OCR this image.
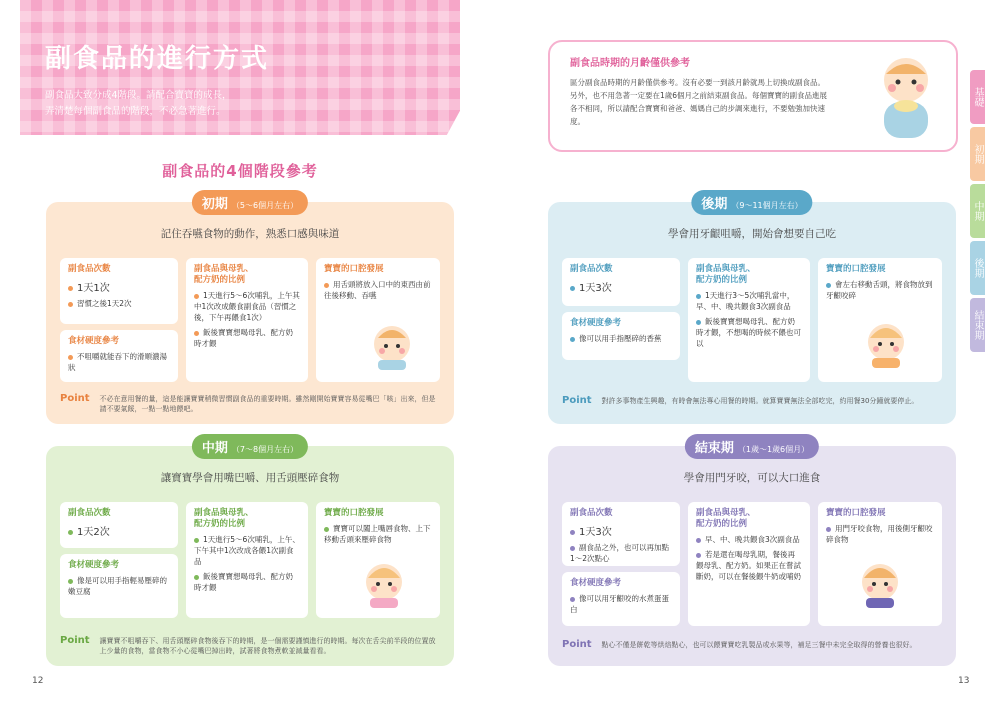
副食品的進行方式
副食品大致分成4階段。請配合寶寶的成長，
弄清楚每個副食品的階段，不必急著進行。
副食品的4個階段參考
初期 （5～6個月左右）
記住吞嚥食物的動作，熟悉口感與味道
副食品次數
1天1次
習慣之後1天2次
食材硬度參考
不咀嚼就能吞下的滑順濃湯狀
副食品與母乳、
配方奶的比例
1天進行5～6次哺乳，上午其中1次改成餵食副食品（習慣之後，下午再餵食1次）
飯後寶寶想喝母乳、配方奶時才餵
寶寶的口腔發展
用舌頭將放入口中的東西由前往後移動、吞嚥
Point 不必在意用餐的量，這是能讓寶寶稍微習慣副食品的重要時期。雖然剛開始寶寶容易從嘴巴「咳」出來，但是請不要氣餒，一點一點地餵吧。
中期 （7～8個月左右）
讓寶寶學會用嘴巴嚼、用舌頭壓碎食物
副食品次數
1天2次
食材硬度參考
像是可以用手指輕易壓碎的嫩豆腐
副食品與母乳、
配方奶的比例
1天進行5～6次哺乳，上午、下午其中1次改成各餵1次副食品
飯後寶寶想喝母乳、配方奶時才餵
寶寶的口腔發展
寶寶可以闔上嘴唇食物、上下移動舌頭來壓碎食物
Point 讓寶寶不咀嚼吞下、用舌頭壓碎食物後吞下的時期，是一個需要謹慎進行的時期。每次在舌尖前半段的位置放上少量的食物，當食物不小心從嘴巴掉出時，試著將食物煮軟並減量看看。
12
副食品時期的月齡僅供參考
區分副食品時期的月齡僅供參考。沒有必要一到該月齡就馬上切換成副食品。另外，也不用急著一定要在1歲6個月之前結束副食品。每個寶寶的副食品進展各不相同，所以請配合寶寶和爸爸、媽媽自己的步調來進行，不要勉強加快速度。
後期 （9～11個月左右）
學會用牙齦咀嚼，開始會想要自己吃
副食品次數
1天3次
食材硬度參考
像可以用手指壓碎的香蕉
副食品與母乳、
配方奶的比例
1天進行3～5次哺乳當中，早、中、晚共餵食3次副食品
飯後寶寶想喝母乳、配方奶時才餵，不想喝的時候不餵也可以
寶寶的口腔發展
會左右移動舌頭，將食物放到牙齦咬碎
Point 對許多事物產生興趣，有時會無法專心用餐的時期。就算寶寶無法全部吃完，約用餐30分鐘就要停止。
結束期 （1歲～1歲6個月）
學會用門牙咬，可以大口進食
副食品次數
1天3次
副食品之外，也可以再加點1～2次點心
食材硬度參考
像可以用牙齦咬的水煮蛋蛋白
副食品與母乳、
配方奶的比例
早、中、晚共餵食3次副食品
若是還在喝母乳期，餐後再餵母乳、配方奶。如果正在嘗試斷奶，可以在餐後餵牛奶或哺奶
寶寶的口腔發展
用門牙咬食物，用後側牙齦咬碎食物
Point 點心不僅是餅乾等烘焙點心，也可以餵寶寶吃乳製品或水果等，補足三餐中未完全取得的營養也很好。
基礎
初期
中期
後期
結束期
13
